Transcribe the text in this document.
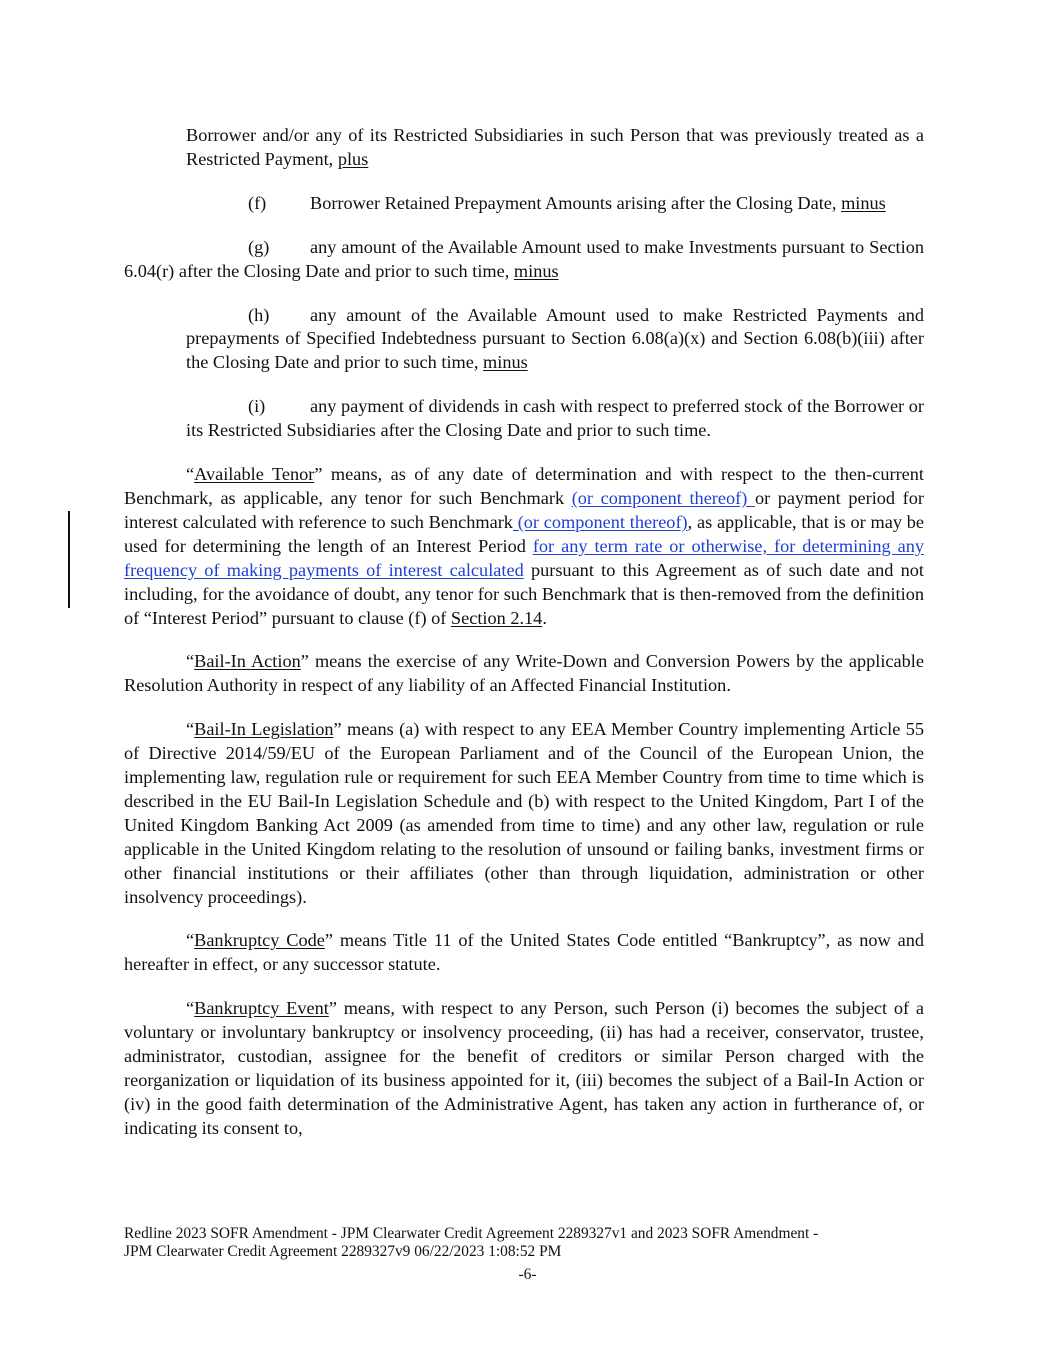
Borrower and/or any of its Restricted Subsidiaries in such Person that was previously treated as a Restricted Payment, plus

(f) Borrower Retained Prepayment Amounts arising after the Closing Date, minus

(g) any amount of the Available Amount used to make Investments pursuant to Section 6.04(r) after the Closing Date and prior to such time, minus

(h) any amount of the Available Amount used to make Restricted Payments and prepayments of Specified Indebtedness pursuant to Section 6.08(a)(x) and Section 6.08(b)(iii) after the Closing Date and prior to such time, minus

(i) any payment of dividends in cash with respect to preferred stock of the Borrower or its Restricted Subsidiaries after the Closing Date and prior to such time.

“Available Tenor” means, as of any date of determination and with respect to the then-current Benchmark, as applicable, any tenor for such Benchmark (or component thereof) or payment period for interest calculated with reference to such Benchmark (or component thereof), as applicable, that is or may be used for determining the length of an Interest Period for any term rate or otherwise, for determining any frequency of making payments of interest calculated pursuant to this Agreement as of such date and not including, for the avoidance of doubt, any tenor for such Benchmark that is then-removed from the definition of “Interest Period” pursuant to clause (f) of Section 2.14.

“Bail-In Action” means the exercise of any Write-Down and Conversion Powers by the applicable Resolution Authority in respect of any liability of an Affected Financial Institution.

“Bail-In Legislation” means (a) with respect to any EEA Member Country implementing Article 55 of Directive 2014/59/EU of the European Parliament and of the Council of the European Union, the implementing law, regulation rule or requirement for such EEA Member Country from time to time which is described in the EU Bail-In Legislation Schedule and (b) with respect to the United Kingdom, Part I of the United Kingdom Banking Act 2009 (as amended from time to time) and any other law, regulation or rule applicable in the United Kingdom relating to the resolution of unsound or failing banks, investment firms or other financial institutions or their affiliates (other than through liquidation, administration or other insolvency proceedings).

“Bankruptcy Code” means Title 11 of the United States Code entitled “Bankruptcy”, as now and hereafter in effect, or any successor statute.

“Bankruptcy Event” means, with respect to any Person, such Person (i) becomes the subject of a voluntary or involuntary bankruptcy or insolvency proceeding, (ii) has had a receiver, conservator, trustee, administrator, custodian, assignee for the benefit of creditors or similar Person charged with the reorganization or liquidation of its business appointed for it, (iii) becomes the subject of a Bail-In Action or (iv) in the good faith determination of the Administrative Agent, has taken any action in furtherance of, or indicating its consent to,

Redline 2023 SOFR Amendment - JPM Clearwater Credit Agreement 2289327v1 and 2023 SOFR Amendment -
JPM Clearwater Credit Agreement 2289327v9 06/22/2023 1:08:52 PM
-6-
